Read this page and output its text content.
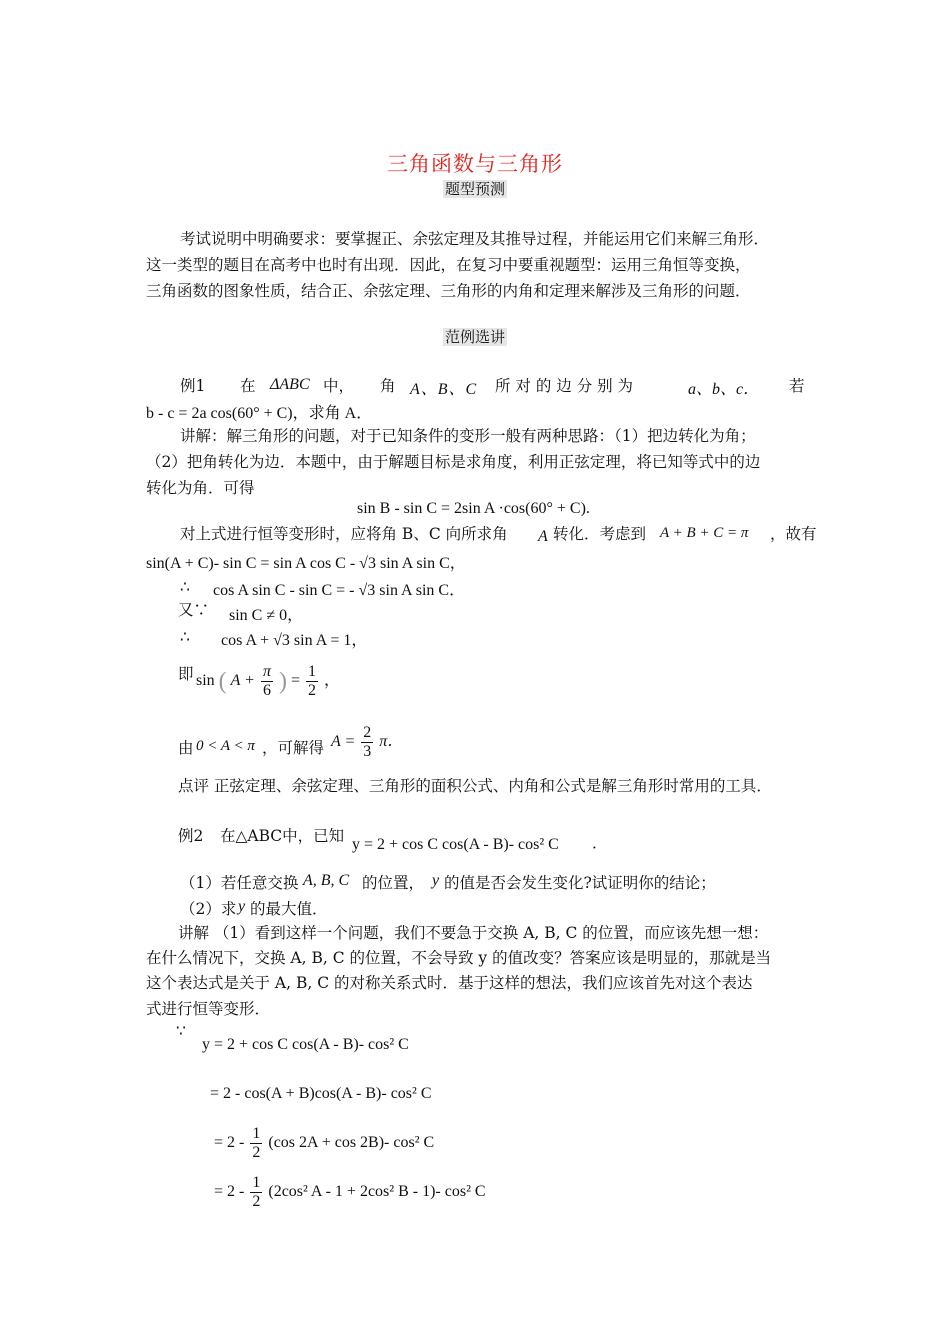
三角函数与三角形
题型预测
考试说明中明确要求：要掌握正、余弦定理及其推导过程，并能运用它们来解三角形．
这一类型的题目在高考中也时有出现．因此，在复习中要重视题型：运用三角恒等变换，
三角函数的图象性质，结合正、余弦定理、三角形的内角和定理来解涉及三角形的问题．
范例选讲
例1 在 ΔABC 中， 角 A、B、C 所 对 的 边 分 别 为	a、b、c． 若
b - c = 2a cos(60° + C)，求角 A．
讲解：解三角形的问题，对于已知条件的变形一般有两种思路：（1）把边转化为角；
（2）把角转化为边．本题中，由于解题目标是求角度，利用正弦定理，将已知等式中的边
转化为角．可得
sin B - sin C = 2sin A ·cos(60° + C).
对上式进行恒等变形时，应将角 B、C 向所求角 A 转化．考虑到 A + B + C = π ，故有
sin(A + C)- sin C = sin A cos C - √3 sin A sin C，
∴ cos A sin C - sin C = - √3 sin A sin C．
又∵ sin C ≠ 0，
∴ cos A + √3 sin A = 1，
即 sin ( $A + \frac{\pi}{6}$ ) = $\frac{1}{2}$ ，
由 0 < A < π ，可解得 $A = \frac{2}{3}$ π．
点评 正弦定理、余弦定理、三角形的面积公式、内角和公式是解三角形时常用的工具．
例2 在△ABC中，已知 y = 2 + cos C cos(A - B)- cos² C ．
（1）若任意交换 A, B, C 的位置， y 的值是否会发生变化?试证明你的结论；
（2）求 y 的最大值．
讲解 （1）看到这样一个问题，我们不要急于交换 A, B, C 的位置，而应该先想一想：
在什么情况下，交换 A, B, C 的位置，不会导致 y 的值改变？答案应该是明显的，那就是当
这个表达式是关于 A, B, C 的对称关系式时．基于这样的想法，我们应该首先对这个表达
式进行恒等变形．
∵
y = 2 + cos C cos(A - B)- cos² C
= 2 - cos(A + B)cos(A - B)- cos² C
= $2 - \frac{1}{2} (\cos$ 2A + cos 2B)- cos² C
= $2 - \frac{1}{2} (2\cos^2$ A - 1 + 2cos² B - 1)- cos² C
